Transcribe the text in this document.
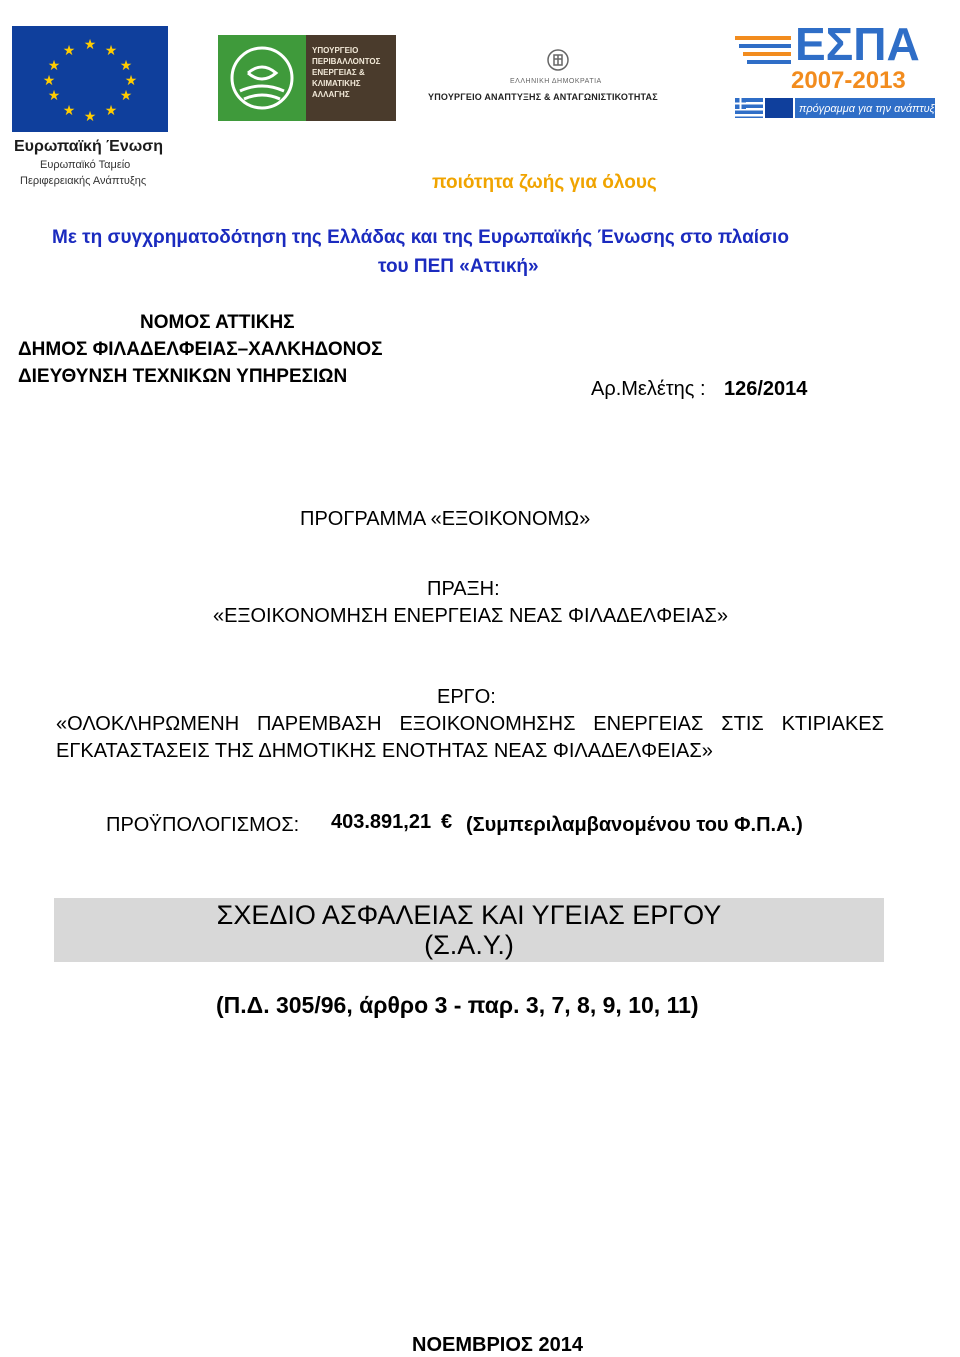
★ ★
★
★
★
★
★
★
★
★
★
★
Ευρωπαϊκή Ένωση
Ευρωπαϊκό Ταμείο
Περιφερειακής Ανάπτυξης
ΥΠΟΥΡΓΕΙΟ ΠΕΡΙΒΑΛΛΟΝΤΟΣ ΕΝΕΡΓΕΙΑΣ & ΚΛΙΜΑΤΙΚΗΣ ΑΛΛΑΓΗΣ
ΕΛΛΗΝΙΚΗ ΔΗΜΟΚΡΑΤΙΑ
ΥΠΟΥΡΓΕΙΟ ΑΝΑΠΤΥΞΗΣ & ΑΝΤΑΓΩΝΙΣΤΙΚΟΤΗΤΑΣ
ΕΣΠΑ
2007-2013
πρόγραμμα για την ανάπτυξη
ποιότητα ζωής για όλους
Με τη συγχρηματοδότηση της Ελλάδας και της Ευρωπαϊκής Ένωσης στο πλαίσιο
του ΠΕΠ «Αττική»
ΝΟΜΟΣ ΑΤΤΙΚΗΣ
ΔΗΜΟΣ ΦΙΛΑΔΕΛΦΕΙΑΣ–ΧΑΛΚΗΔΟΝΟΣ
ΔΙΕΥΘΥΝΣΗ ΤΕΧΝΙΚΩΝ ΥΠΗΡΕΣΙΩΝ
Αρ.Μελέτης : 126/2014
ΠΡΟΓΡΑΜΜΑ «ΕΞΟΙΚΟΝΟΜΩ»
ΠΡΑΞΗ:
«ΕΞΟΙΚΟΝΟΜΗΣΗ ΕΝΕΡΓΕΙΑΣ ΝΕΑΣ ΦΙΛΑΔΕΛΦΕΙΑΣ»
ΕΡΓΟ:
«ΟΛΟΚΛΗΡΩΜΕΝΗ ΠΑΡΕΜΒΑΣΗ ΕΞΟΙΚΟΝΟΜΗΣΗΣ ΕΝΕΡΓΕΙΑΣ ΣΤΙΣ ΚΤΙΡΙΑΚΕΣ
ΕΓΚΑΤΑΣΤΑΣΕΙΣ ΤΗΣ ΔΗΜΟΤΙΚΗΣ ΕΝΟΤΗΤΑΣ ΝΕΑΣ ΦΙΛΑΔΕΛΦΕΙΑΣ»
ΠΡΟΫΠΟΛΟΓΙΣΜΟΣ: 403.891,21 € (Συμπεριλαμβανομένου του Φ.Π.Α.)
ΣΧΕΔΙΟ ΑΣΦΑΛΕΙΑΣ ΚΑΙ ΥΓΕΙΑΣ ΕΡΓΟΥ
(Σ.Α.Υ.)
(Π.Δ. 305/96, άρθρο 3 - παρ. 3, 7, 8, 9, 10, 11)
ΝΟΕΜΒΡΙΟΣ 2014
